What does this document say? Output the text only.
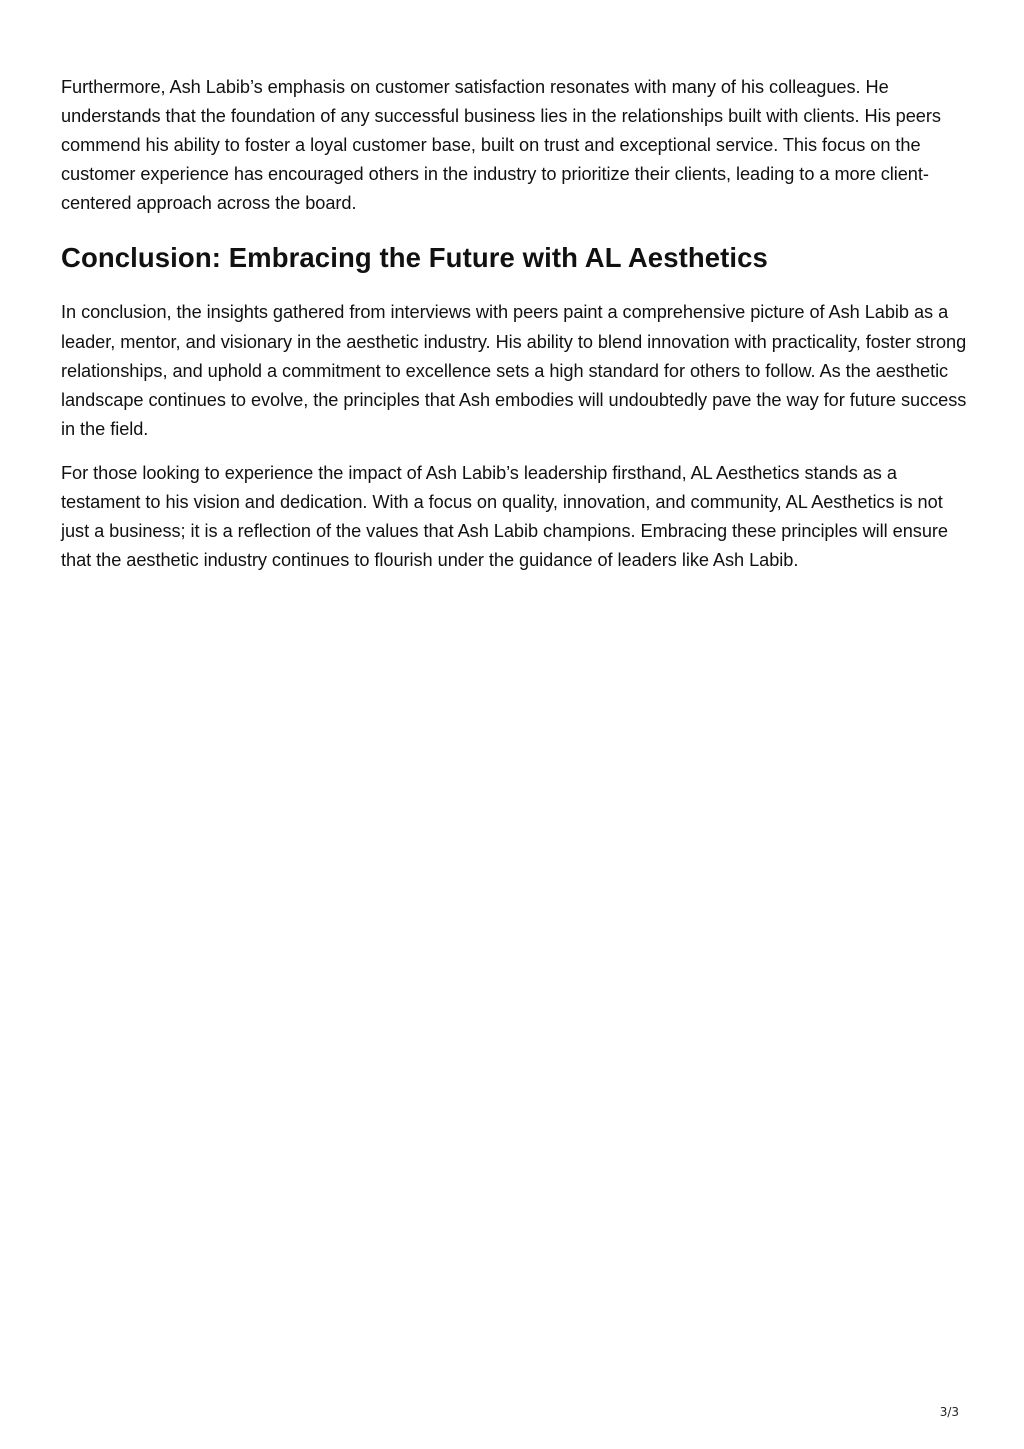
Furthermore, Ash Labib’s emphasis on customer satisfaction resonates with many of his colleagues. He understands that the foundation of any successful business lies in the relationships built with clients. His peers commend his ability to foster a loyal customer base, built on trust and exceptional service. This focus on the customer experience has encouraged others in the industry to prioritize their clients, leading to a more client-centered approach across the board.

Conclusion: Embracing the Future with AL Aesthetics

In conclusion, the insights gathered from interviews with peers paint a comprehensive picture of Ash Labib as a leader, mentor, and visionary in the aesthetic industry. His ability to blend innovation with practicality, foster strong relationships, and uphold a commitment to excellence sets a high standard for others to follow. As the aesthetic landscape continues to evolve, the principles that Ash embodies will undoubtedly pave the way for future success in the field.

For those looking to experience the impact of Ash Labib’s leadership firsthand, AL Aesthetics stands as a testament to his vision and dedication. With a focus on quality, innovation, and community, AL Aesthetics is not just a business; it is a reflection of the values that Ash Labib champions. Embracing these principles will ensure that the aesthetic industry continues to flourish under the guidance of leaders like Ash Labib.

3/3
